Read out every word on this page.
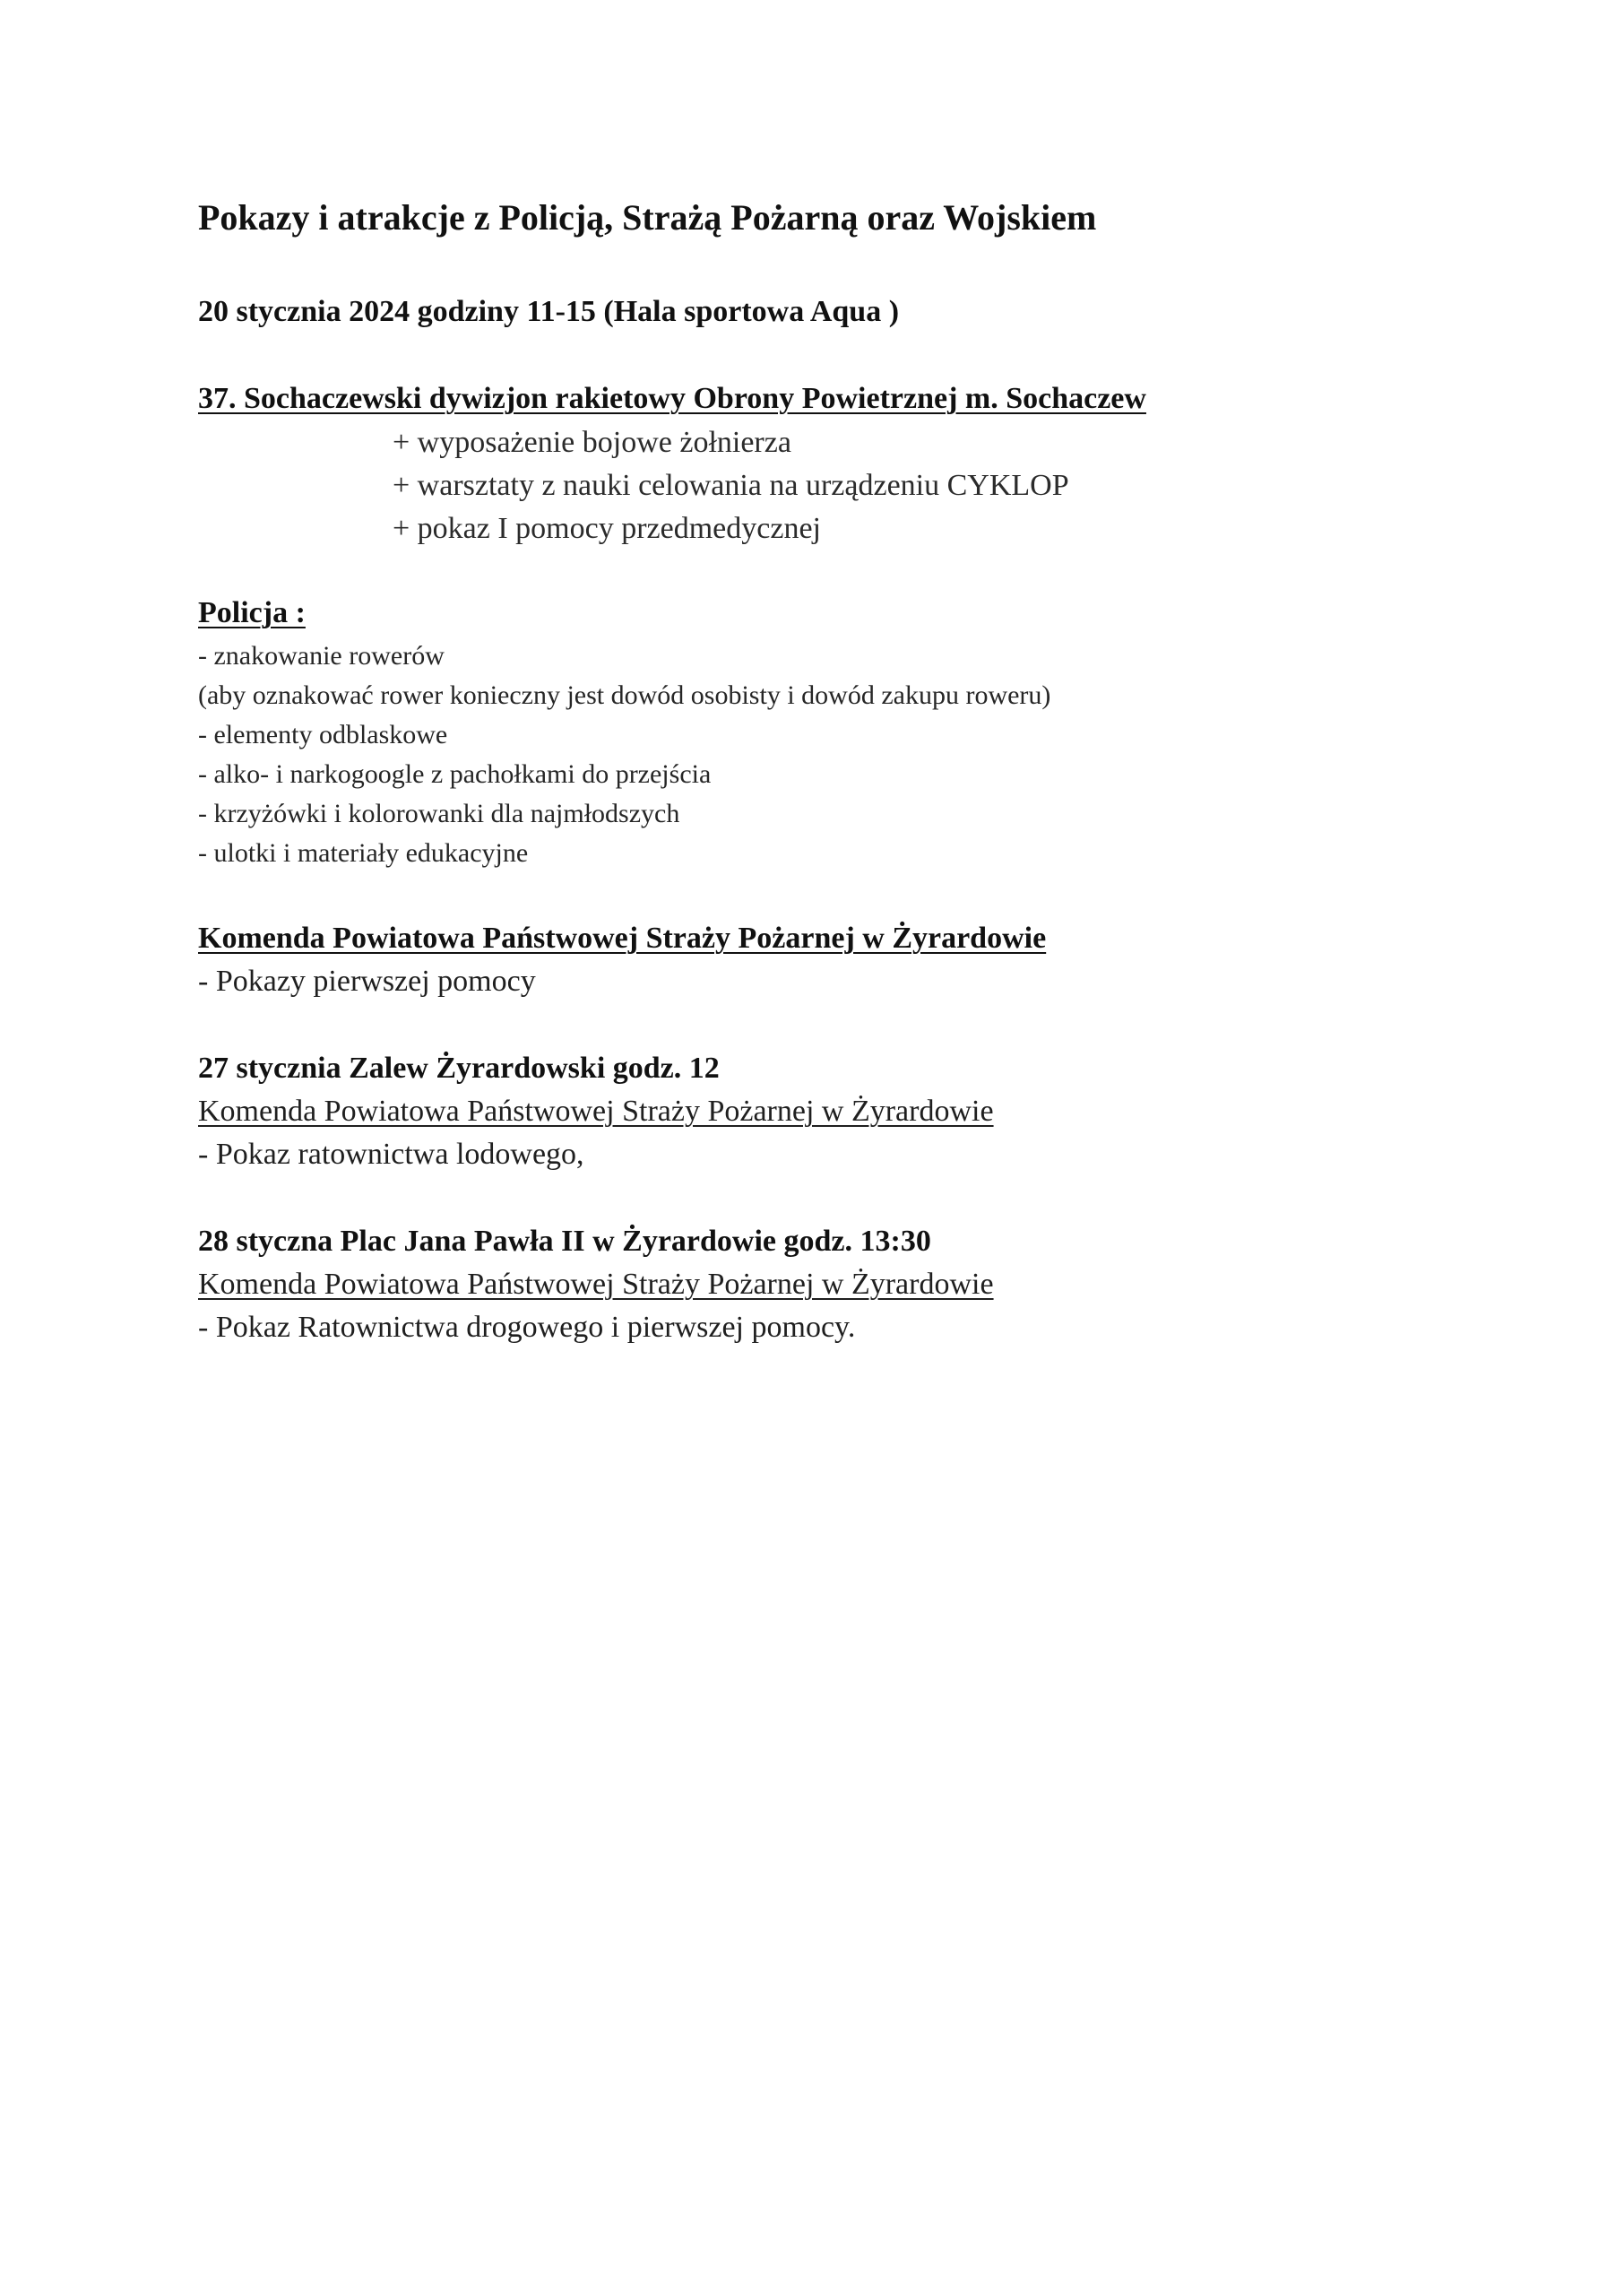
Pokazy i atrakcje z Policją, Strażą Pożarną oraz Wojskiem
20 stycznia 2024 godziny 11-15 (Hala sportowa Aqua )
37. Sochaczewski dywizjon rakietowy Obrony Powietrznej m. Sochaczew
+ wyposażenie bojowe żołnierza
+ warsztaty z nauki celowania na urządzeniu CYKLOP
+ pokaz I pomocy przedmedycznej
Policja :
- znakowanie rowerów
(aby oznakować rower konieczny jest dowód osobisty i dowód zakupu roweru)
- elementy odblaskowe
- alko- i narkogoogle z pachołkami do przejścia
- krzyżówki i kolorowanki dla najmłodszych
- ulotki i materiały edukacyjne
Komenda Powiatowa Państwowej Straży Pożarnej w Żyrardowie
- Pokazy pierwszej pomocy
27 stycznia Zalew Żyrardowski godz. 12
Komenda Powiatowa Państwowej Straży Pożarnej w Żyrardowie
- Pokaz ratownictwa lodowego,
28 styczna Plac Jana Pawła II w Żyrardowie godz. 13:30
Komenda Powiatowa Państwowej Straży Pożarnej w Żyrardowie
- Pokaz Ratownictwa drogowego i pierwszej pomocy.
